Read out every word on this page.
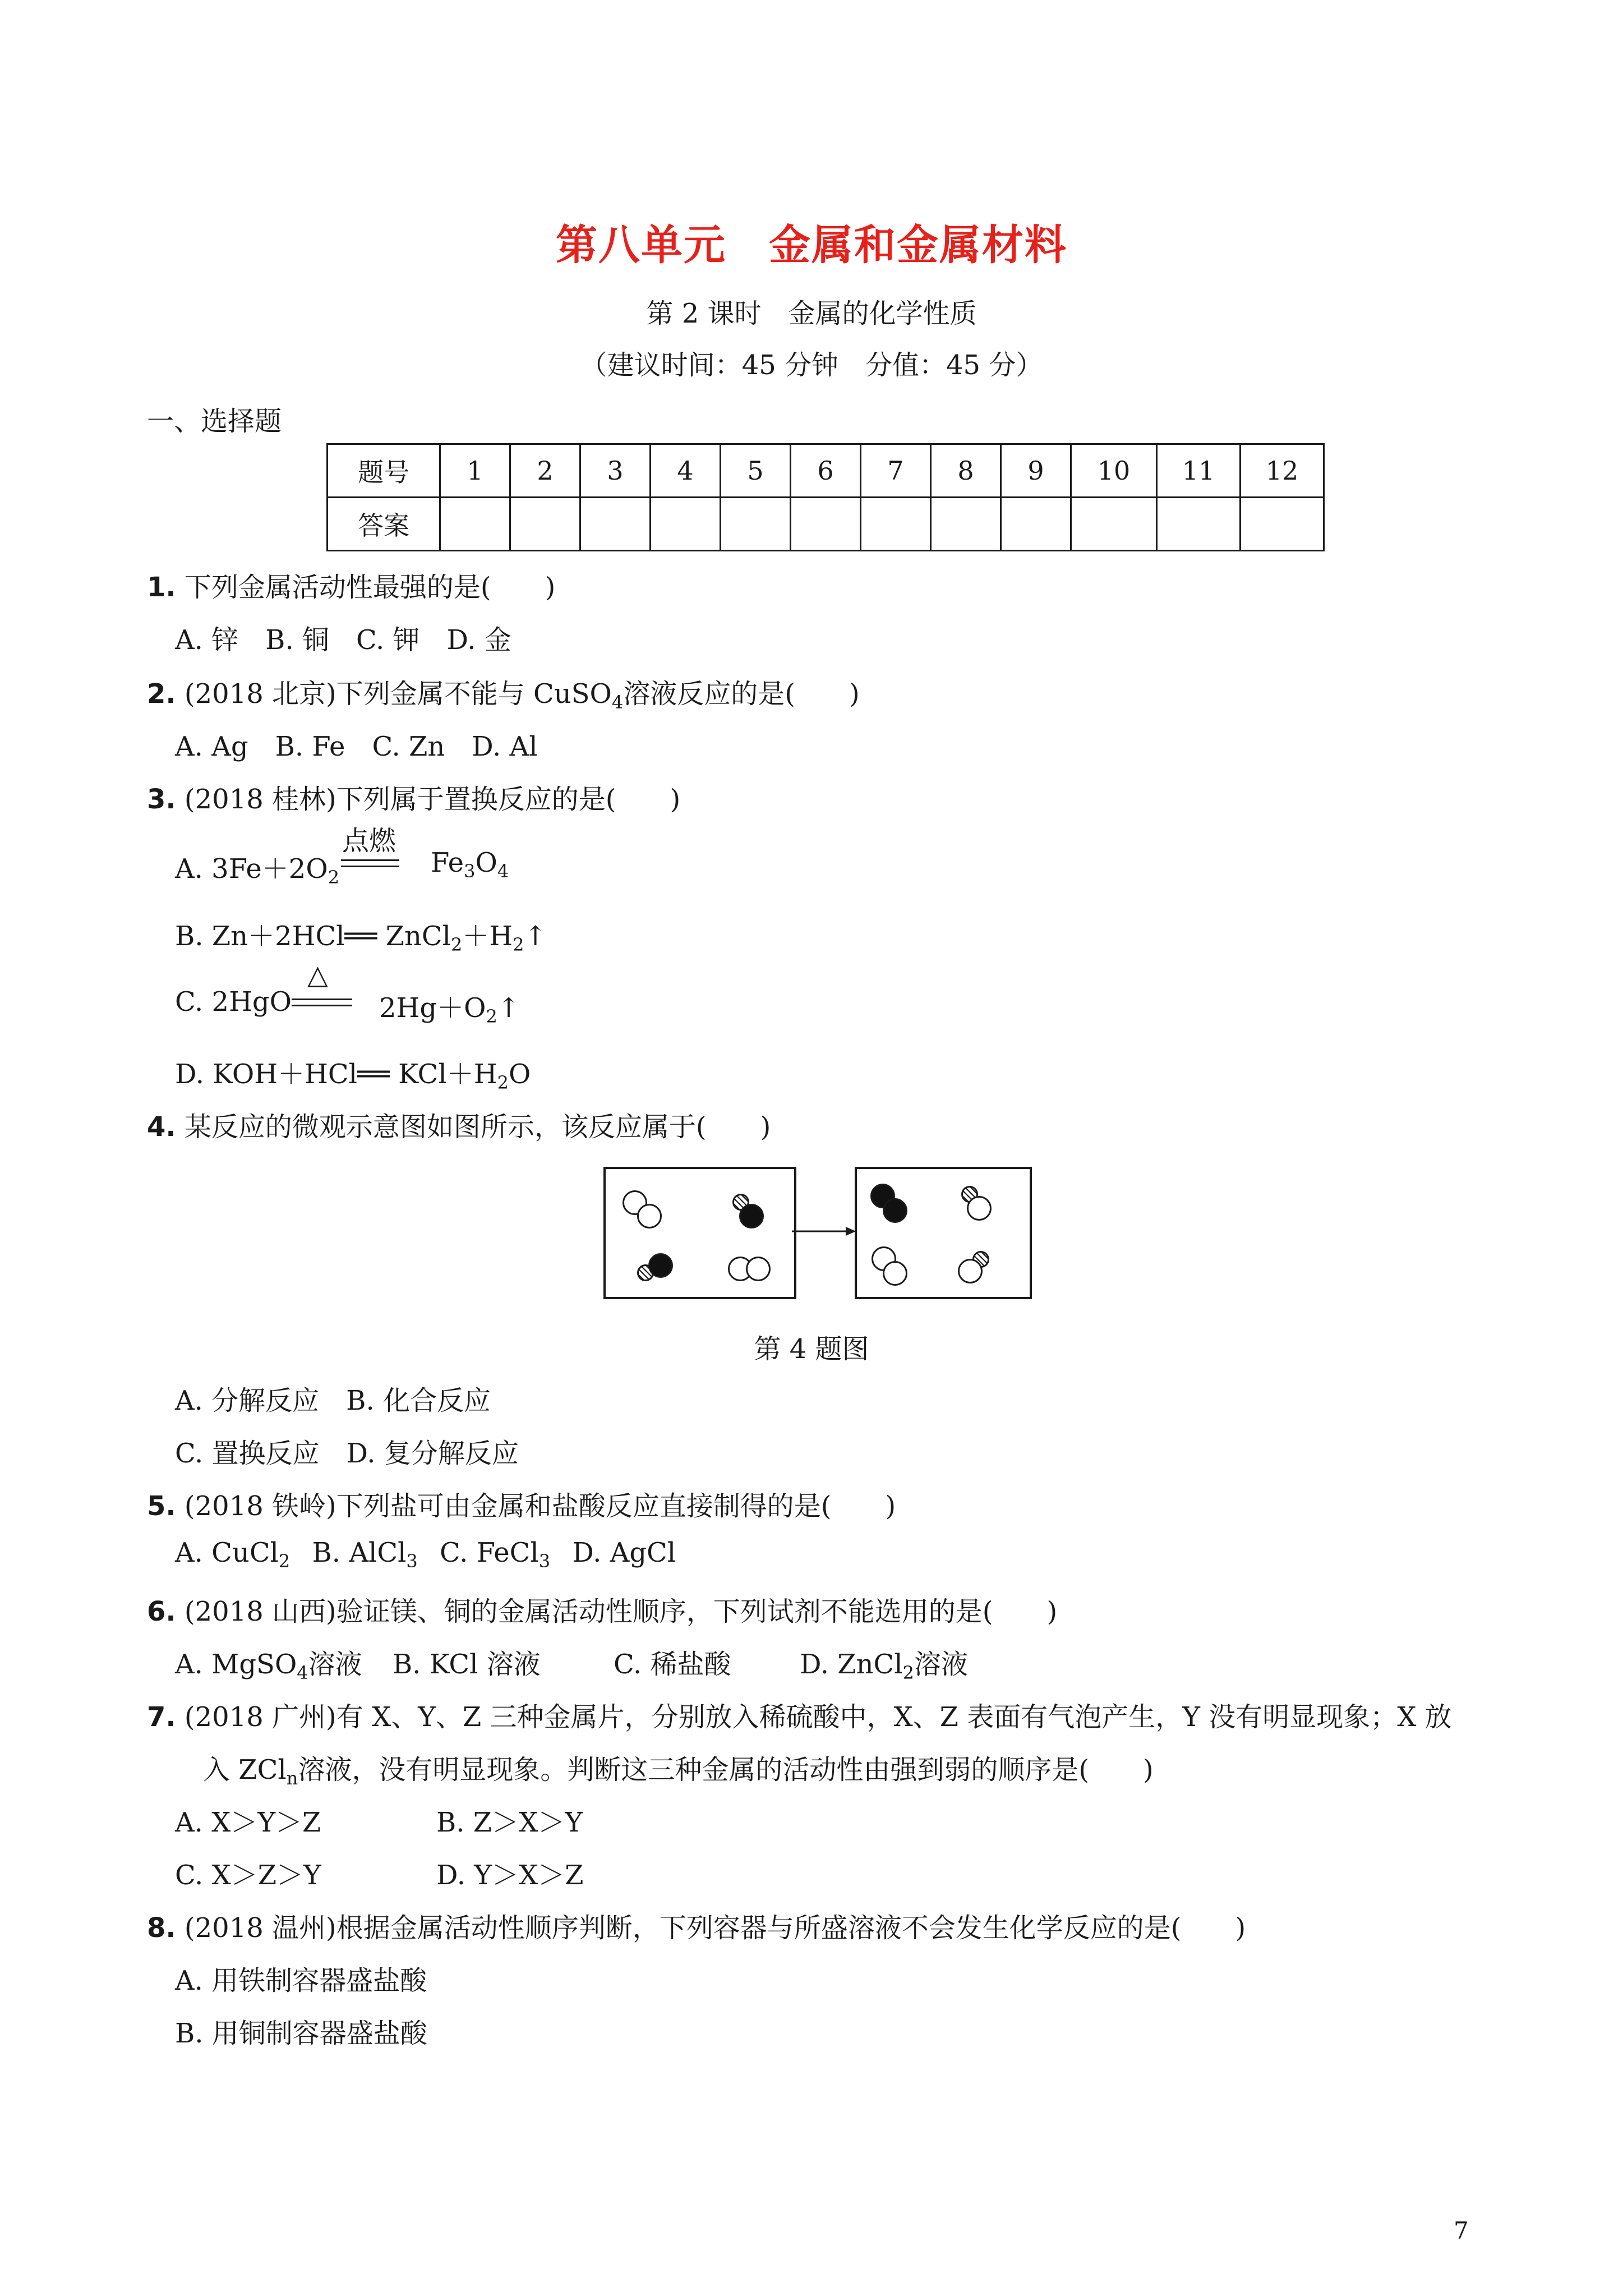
第八单元　金属和金属材料
第 2 课时　金属的化学性质
（建议时间：45 分钟　分值：45 分）
一、选择题
题号	1	2	3	4	5	6	7	8	9	10	11	12
答案												
1. 下列金属活动性最强的是(　　)
A. 锌　B. 铜　C. 钾　D. 金
2. (2018 北京)下列金属不能与 CuSO$_4$溶液反应的是(　　)
A. Ag　B. Fe　C. Zn　D. Al
3. (2018 桂林)下列属于置换反应的是(　　)
A. $3Fe+2O_2$
点燃
$Fe_3O_4$
B. Zn＋2HCl══ $ZnCl_2+H_2↑$
C. 2HgO
△
$2Hg+O_2↑$
D. KOH＋HCl══ $KCl+H_2O$
4. 某反应的微观示意图如图所示，该反应属于(　　)
第 4 题图
A. 分解反应　B. 化合反应
C. 置换反应　D. 复分解反应
5. (2018 铁岭)下列盐可由金属和盐酸反应直接制得的是(　　)
A. CuCl$_2$  B. AlCl$_3$  C. FeCl$_3$  D. AgCl
6. (2018 山西)验证镁、铜的金属活动性顺序，下列试剂不能选用的是(　　)
A. MgSO$_4$溶液 B. KCl 溶液	C. 稀盐酸	D. ZnCl$_2$溶液
7. (2018 广州)有 X、Y、Z 三种金属片，分别放入稀硫酸中，X、Z 表面有气泡产生，Y 没有明显现象；X 放
入 ZCl$_n$溶液，没有明显现象。判断这三种金属的活动性由强到弱的顺序是(　　)
A. X＞Y＞Z	B. Z＞X＞Y
C. X＞Z＞Y	D. Y＞X＞Z
8. (2018 温州)根据金属活动性顺序判断，下列容器与所盛溶液不会发生化学反应的是(　　)
A. 用铁制容器盛盐酸
B. 用铜制容器盛盐酸
7
